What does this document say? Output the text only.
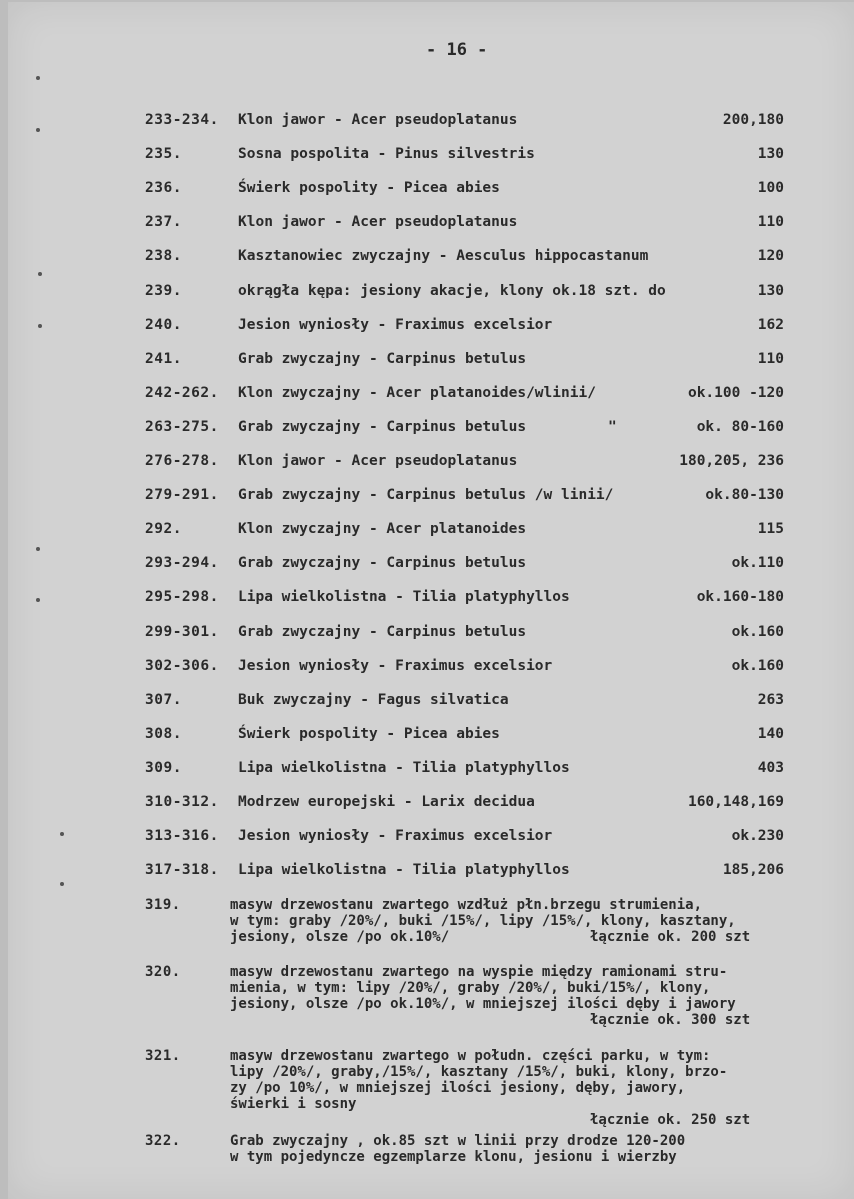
- 16 -
233-234. Klon jawor - Acer pseudoplatanus	200,180
235.	Sosna pospolita - Pinus silvestris	130
236.	Świerk pospolity - Picea abies	100
237.	Klon jawor - Acer pseudoplatanus	110
238.	Kasztanowiec zwyczajny - Aesculus hippocastanum	120
239.	okrągła kępa: jesiony akacje, klony ok.18 szt. do	130
240.	Jesion wyniosły - Fraximus excelsior	162
241.	Grab zwyczajny - Carpinus betulus	110
242-262. Klon zwyczajny - Acer platanoides/wlinii/	ok.100 -120
263-275. Grab zwyczajny - Carpinus betulus	"	ok. 80-160
276-278. Klon jawor - Acer pseudoplatanus	180,205, 236
279-291. Grab zwyczajny - Carpinus betulus /w linii/	ok.80-130
292.	Klon zwyczajny - Acer platanoides	115
293-294. Grab zwyczajny - Carpinus betulus	ok.110
295-298. Lipa wielkolistna - Tilia platyphyllos	ok.160-180
299-301. Grab zwyczajny - Carpinus betulus	ok.160
302-306. Jesion wyniosły - Fraximus excelsior	ok.160
307.	Buk zwyczajny - Fagus silvatica	263
308.	Świerk pospolity - Picea abies	140
309.	Lipa wielkolistna - Tilia platyphyllos	403
310-312. Modrzew europejski - Larix decidua	160,148,169
313-316. Jesion wyniosły - Fraximus excelsior	ok.230
317-318. Lipa wielkolistna - Tilia platyphyllos	185,206
319.	masyw drzewostanu zwartego wzdłuż płn.brzegu strumienia,
w tym: graby /20%/, buki /15%/, lipy /15%/, klony, kasztany,
jesiony, olsze /po ok.10%/	łącznie ok. 200 szt
320.	masyw drzewostanu zwartego na wyspie między ramionami stru-
mienia, w tym: lipy /20%/, graby /20%/, buki/15%/, klony,
jesiony, olsze /po ok.10%/, w mniejszej ilości dęby i jawory
łącznie ok. 300 szt
321.	masyw drzewostanu zwartego w połudn. części parku, w tym:
lipy /20%/, graby,/15%/, kasztany /15%/, buki, klony, brzo-
zy /po 10%/, w mniejszej ilości jesiony, dęby, jawory,
świerki i sosny
łącznie ok. 250 szt
322.	Grab zwyczajny , ok.85 szt w linii przy drodze 120-200
w tym pojedyncze egzemplarze klonu, jesionu i wierzby
